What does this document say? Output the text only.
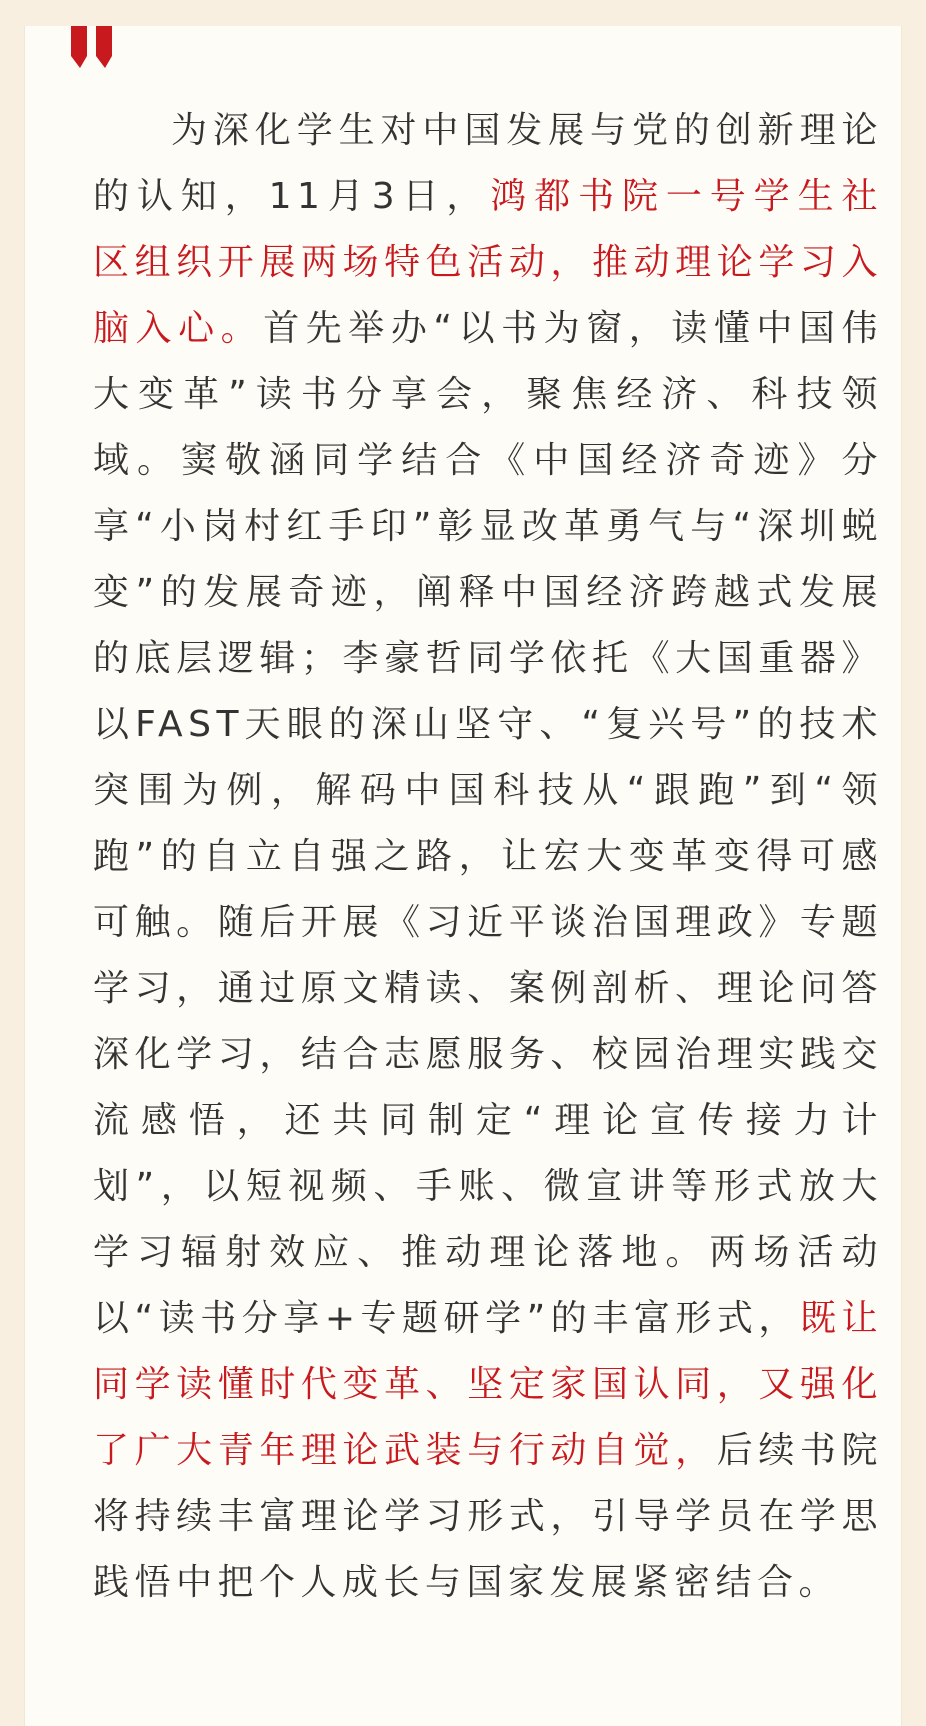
为深化学生对中国发展与党的创新理论的认知，11月3日，鸿都书院一号学生社区组织开展两场特色活动，推动理论学习入脑入心。首先举办“以书为窗，读懂中国伟大变革”读书分享会，聚焦经济、科技领域。窦敬涵同学结合《中国经济奇迹》分享“小岗村红手印”彰显改革勇气与“深圳蜕变”的发展奇迹，阐释中国经济跨越式发展的底层逻辑；李豪哲同学依托《大国重器》以FAST天眼的深山坚守、“复兴号”的技术突围为例，解码中国科技从“跟跑”到“领跑”的自立自强之路，让宏大变革变得可感可触。随后开展《习近平谈治国理政》专题学习，通过原文精读、案例剖析、理论问答深化学习，结合志愿服务、校园治理实践交流感悟，还共同制定“理论宣传接力计划”，以短视频、手账、微宣讲等形式放大学习辐射效应、推动理论落地。两场活动以“读书分享+专题研学”的丰富形式，既让同学读懂时代变革、坚定家国认同，又强化了广大青年理论武装与行动自觉，后续书院将持续丰富理论学习形式，引导学员在学思践悟中把个人成长与国家发展紧密结合。
